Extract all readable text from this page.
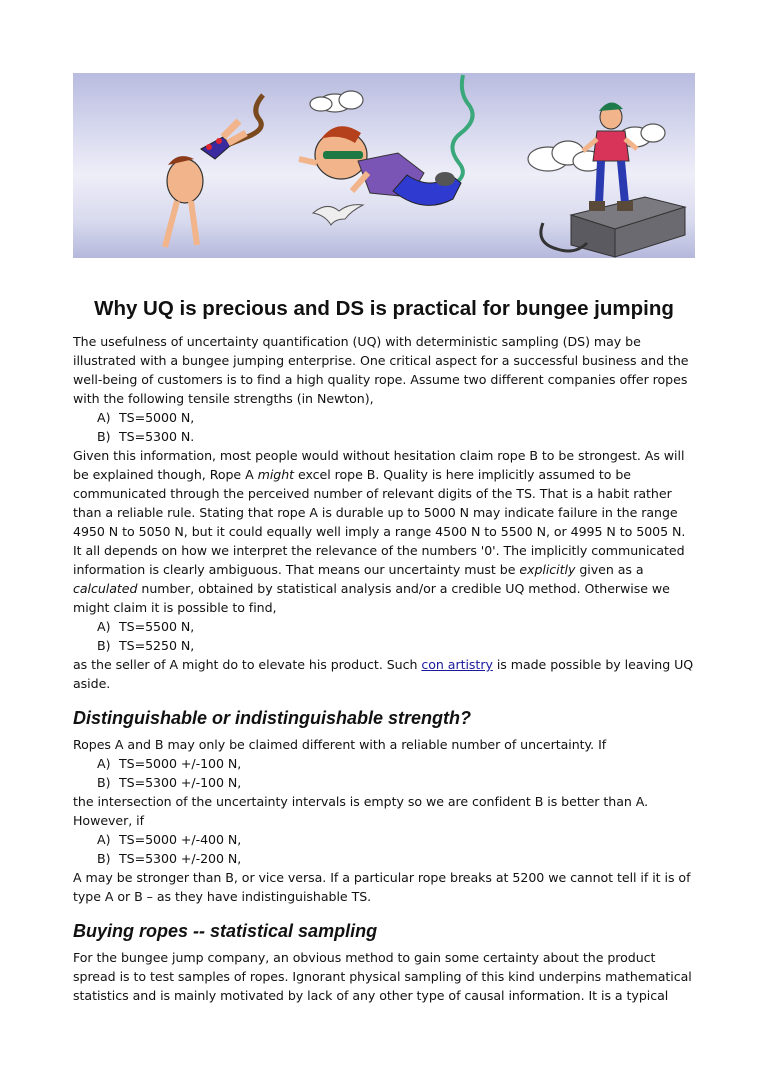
Why UQ is precious and DS is practical for bungee jumping

The usefulness of uncertainty quantification (UQ) with deterministic sampling (DS) may be illustrated with a bungee jumping enterprise. One critical aspect for a successful business and the well-being of customers is to find a high quality rope. Assume two different companies offer ropes with the following tensile strengths (in Newton),

A) TS=5000 N,
B) TS=5300 N.

Given this information, most people would without hesitation claim rope B to be strongest. As will be explained though, Rope A might excel rope B. Quality is here implicitly assumed to be communicated through the perceived number of relevant digits of the TS. That is a habit rather than a reliable rule. Stating that rope A is durable up to 5000 N may indicate failure in the range 4950 N to 5050 N, but it could equally well imply a range 4500 N to 5500 N, or 4995 N to 5005 N. It all depends on how we interpret the relevance of the numbers '0'. The implicitly communicated information is clearly ambiguous. That means our uncertainty must be explicitly given as a calculated number, obtained by statistical analysis and/or a credible UQ method. Otherwise we might claim it is possible to find,

A) TS=5500 N,
B) TS=5250 N,

as the seller of A might do to elevate his product. Such con artistry is made possible by leaving UQ aside.

Distinguishable or indistinguishable strength?

Ropes A and B may only be claimed different with a reliable number of uncertainty. If

A) TS=5000 +/-100 N,
B) TS=5300 +/-100 N,

the intersection of the uncertainty intervals is empty so we are confident B is better than A. However, if

A) TS=5000 +/-400 N,
B) TS=5300 +/-200 N,

A may be stronger than B, or vice versa. If a particular rope breaks at 5200 we cannot tell if it is of type A or B – as they have indistinguishable TS.

Buying ropes -- statistical sampling

For the bungee jump company, an obvious method to gain some certainty about the product spread is to test samples of ropes. Ignorant physical sampling of this kind underpins mathematical statistics and is mainly motivated by lack of any other type of causal information. It is a typical
